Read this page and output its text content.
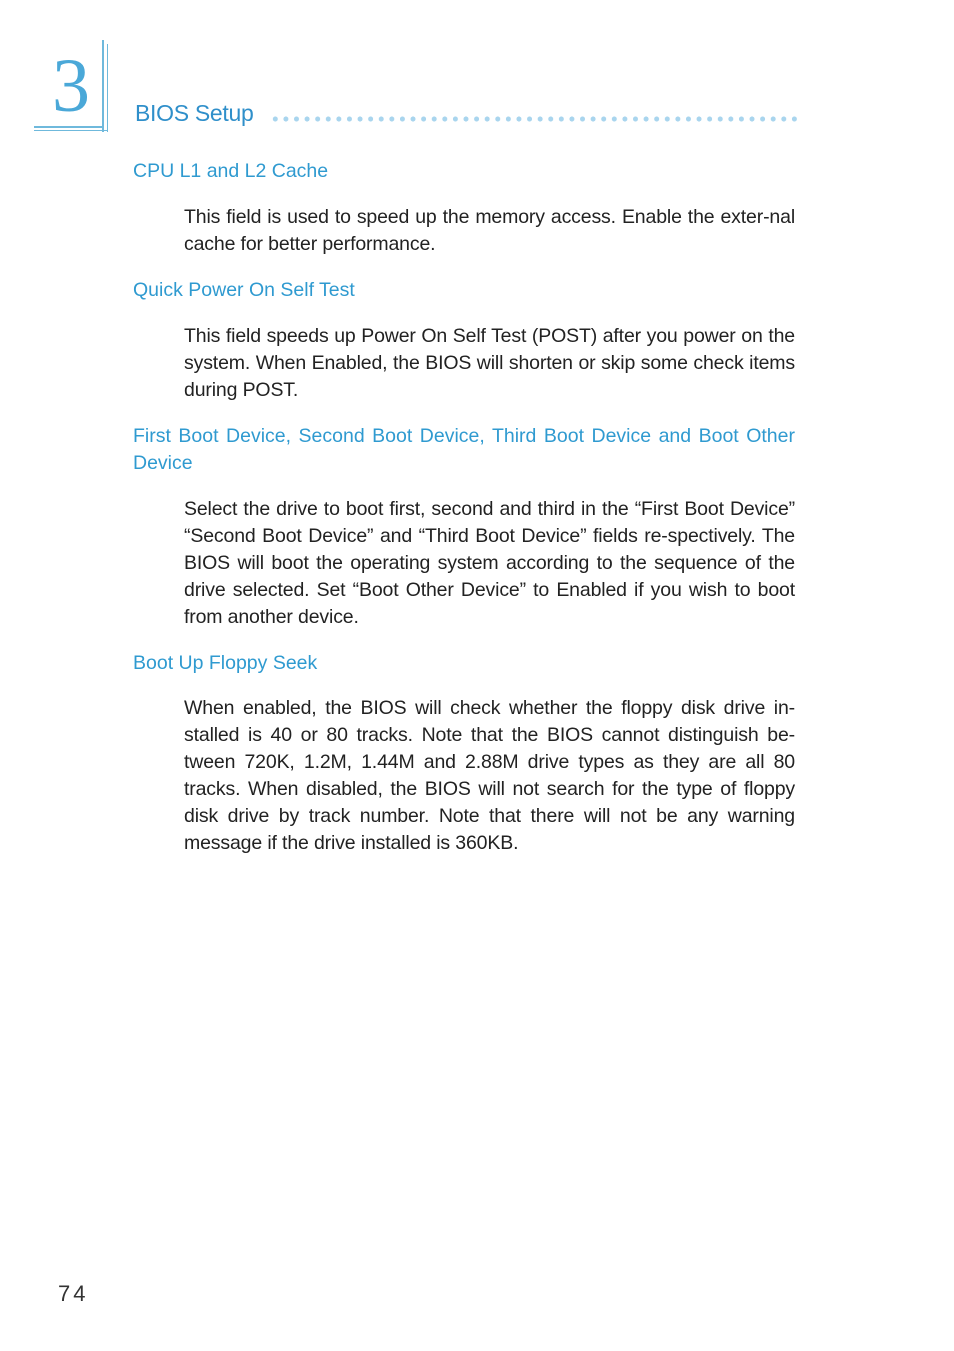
3 BIOS Setup
CPU L1 and L2 Cache

This field is used to speed up the memory access. Enable the exter-nal cache for better performance.

Quick Power On Self Test

This field speeds up Power On Self Test (POST) after you power on the system. When Enabled, the BIOS will shorten or skip some check items during POST.

First Boot Device, Second Boot Device, Third Boot Device and Boot Other Device

Select the drive to boot first, second and third in the “First Boot Device” “Second Boot Device” and “Third Boot Device” fields re-spectively. The BIOS will boot the operating system according to the sequence of the drive selected. Set “Boot Other Device” to Enabled if you wish to boot from another device.

Boot Up Floppy Seek

When enabled, the BIOS will check whether the floppy disk drive in-stalled is 40 or 80 tracks. Note that the BIOS cannot distinguish be-tween 720K, 1.2M, 1.44M and 2.88M drive types as they are all 80 tracks. When disabled, the BIOS will not search for the type of floppy disk drive by track number. Note that there will not be any warning message if the drive installed is 360KB.

74
